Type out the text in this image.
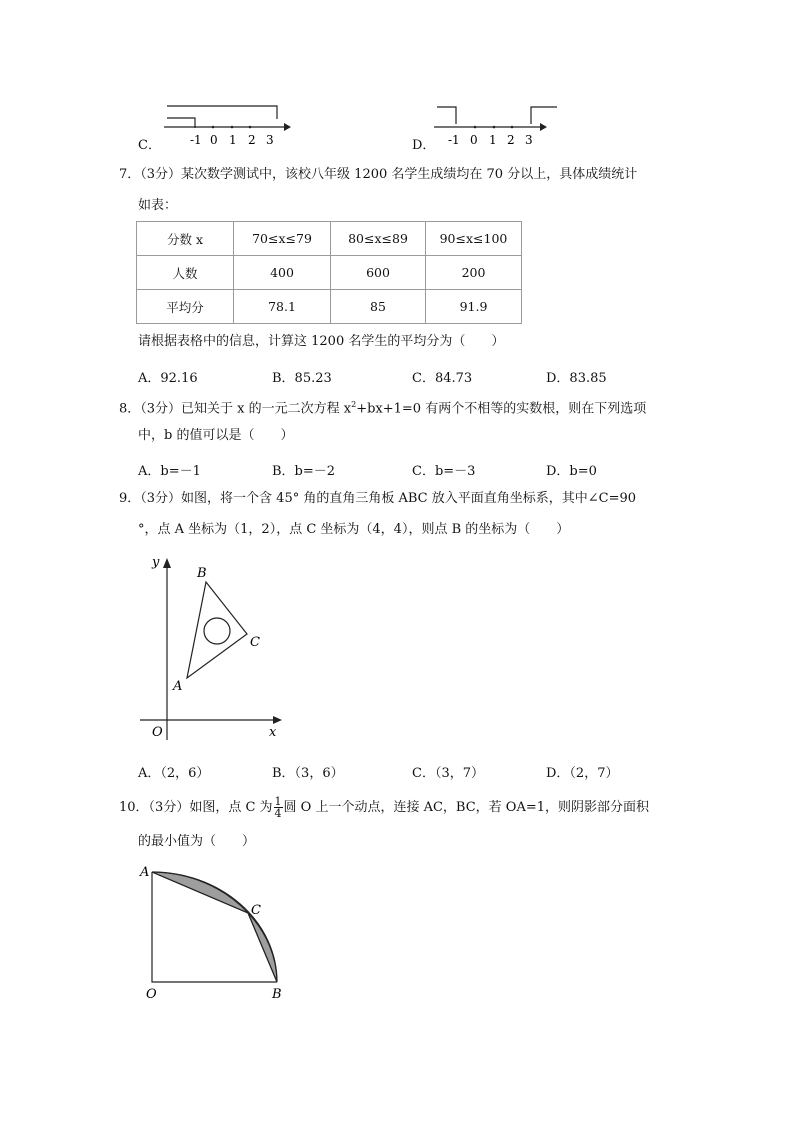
C． -1 0 1 2 3	D． -1 0 1 2 3
7．（3分）某次数学测试中，该校八年级 1200 名学生成绩均在 70 分以上，具体成绩统计
如表：
分数 x	70≤x≤79	80≤x≤89	90≤x≤100
人数	400	600	200
平均分	78.1	85	91.9
请根据表格中的信息，计算这 1200 名学生的平均分为（　　）
A．92.16	B．85.23	C．84.73	D．83.85
8．（3分）已知关于 x 的一元二次方程 $x^2+bx+1=0$ 有两个不相等的实数根，则在下列选项
中，b 的值可以是（　　）
A．b=－1	B．b=－2	C．b=－3	D．b=0
9．（3分）如图，将一个含 45° 角的直角三角板 ABC 放入平面直角坐标系，其中∠C=90
°，点 A 坐标为（1，2），点 C 坐标为（4，4），则点 B 的坐标为（　　）
y
x
O
A
B
C
A．（2，6）	B．（3，6）	C．（3，7）	D．（2，7）
10．（3分）如图，点 C 为 $\frac{1}{4}$ 圆 O 上一个动点，连接 AC，BC，若 OA=1，则阴影部分面积
的最小值为（　　）
A
C
O	B
